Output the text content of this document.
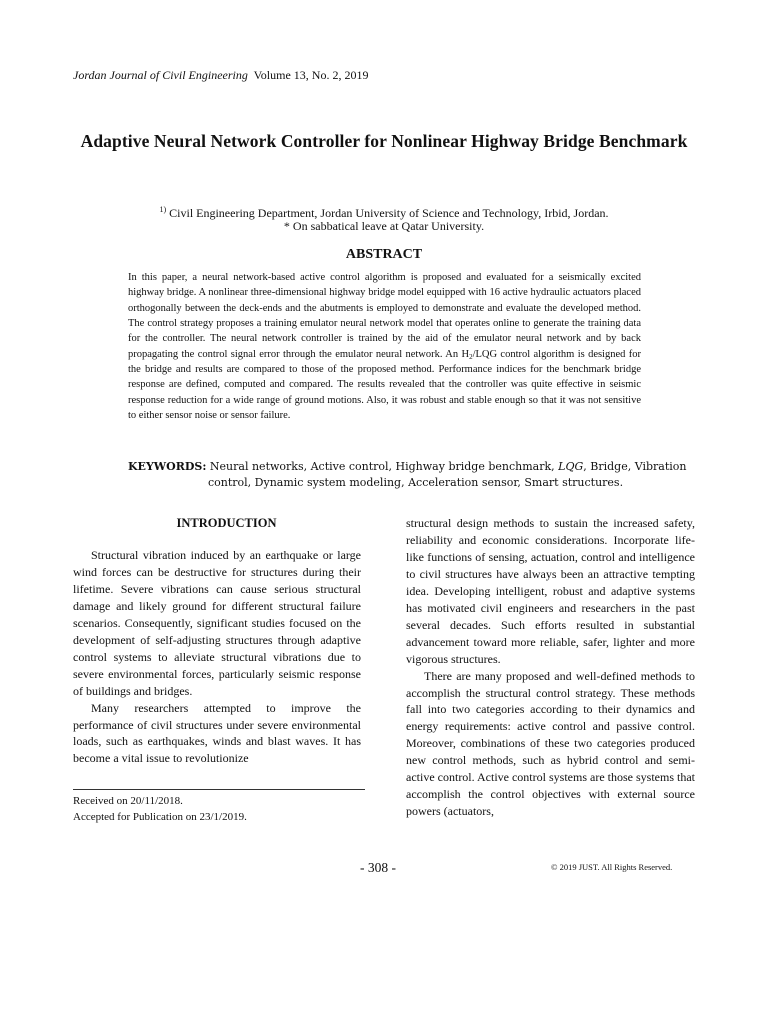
Jordan Journal of Civil Engineering Volume 13, No. 2, 2019
Adaptive Neural Network Controller for Nonlinear Highway Bridge Benchmark
$^{1)}$ Civil Engineering Department, Jordan University of Science and Technology, Irbid, Jordan.
* On sabbatical leave at Qatar University.
ABSTRACT
In this paper, a neural network-based active control algorithm is proposed and evaluated for a seismically excited highway bridge. A nonlinear three-dimensional highway bridge model equipped with 16 active hydraulic actuators placed orthogonally between the deck-ends and the abutments is employed to demonstrate and evaluate the developed method. The control strategy proposes a training emulator neural network model that operates online to generate the training data for the controller. The neural network controller is trained by the aid of the emulator neural network and by back propagating the control signal error through the emulator neural network. An $H_2$/LQG control algorithm is designed for the bridge and results are compared to those of the proposed method. Performance indices for the benchmark bridge response are defined, computed and compared. The results revealed that the controller was quite effective in seismic response reduction for a wide range of ground motions. Also, it was robust and stable enough so that it was not sensitive to either sensor noise or sensor failure.
KEYWORDS: Neural networks, Active control, Highway bridge benchmark, LQG, Bridge, Vibration
control, Dynamic system modeling, Acceleration sensor, Smart structures.
INTRODUCTION

Structural vibration induced by an earthquake or large wind forces can be destructive for structures during their lifetime. Severe vibrations can cause serious structural damage and likely ground for different structural failure scenarios. Consequently, significant studies focused on the development of self-adjusting structures through adaptive control systems to alleviate structural vibrations due to severe environmental forces, particularly seismic response of buildings and bridges.

Many researchers attempted to improve the performance of civil structures under severe environmental loads, such as earthquakes, winds and blast waves. It has become a vital issue to revolutionize

structural design methods to sustain the increased safety, reliability and economic considerations. Incorporate life-like functions of sensing, actuation, control and intelligence to civil structures have always been an attractive tempting idea. Developing intelligent, robust and adaptive systems has motivated civil engineers and researchers in the past several decades. Such efforts resulted in substantial advancement toward more reliable, safer, lighter and more vigorous structures.

There are many proposed and well-defined methods to accomplish the structural control strategy. These methods fall into two categories according to their dynamics and energy requirements: active control and passive control. Moreover, combinations of these two categories produced new control methods, such as hybrid control and semi-active control. Active control systems are those systems that accomplish the control objectives with external source powers (actuators,

Received on 20/11/2018.
Accepted for Publication on 23/1/2019.
- 308 -	© 2019 JUST. All Rights Reserved.
